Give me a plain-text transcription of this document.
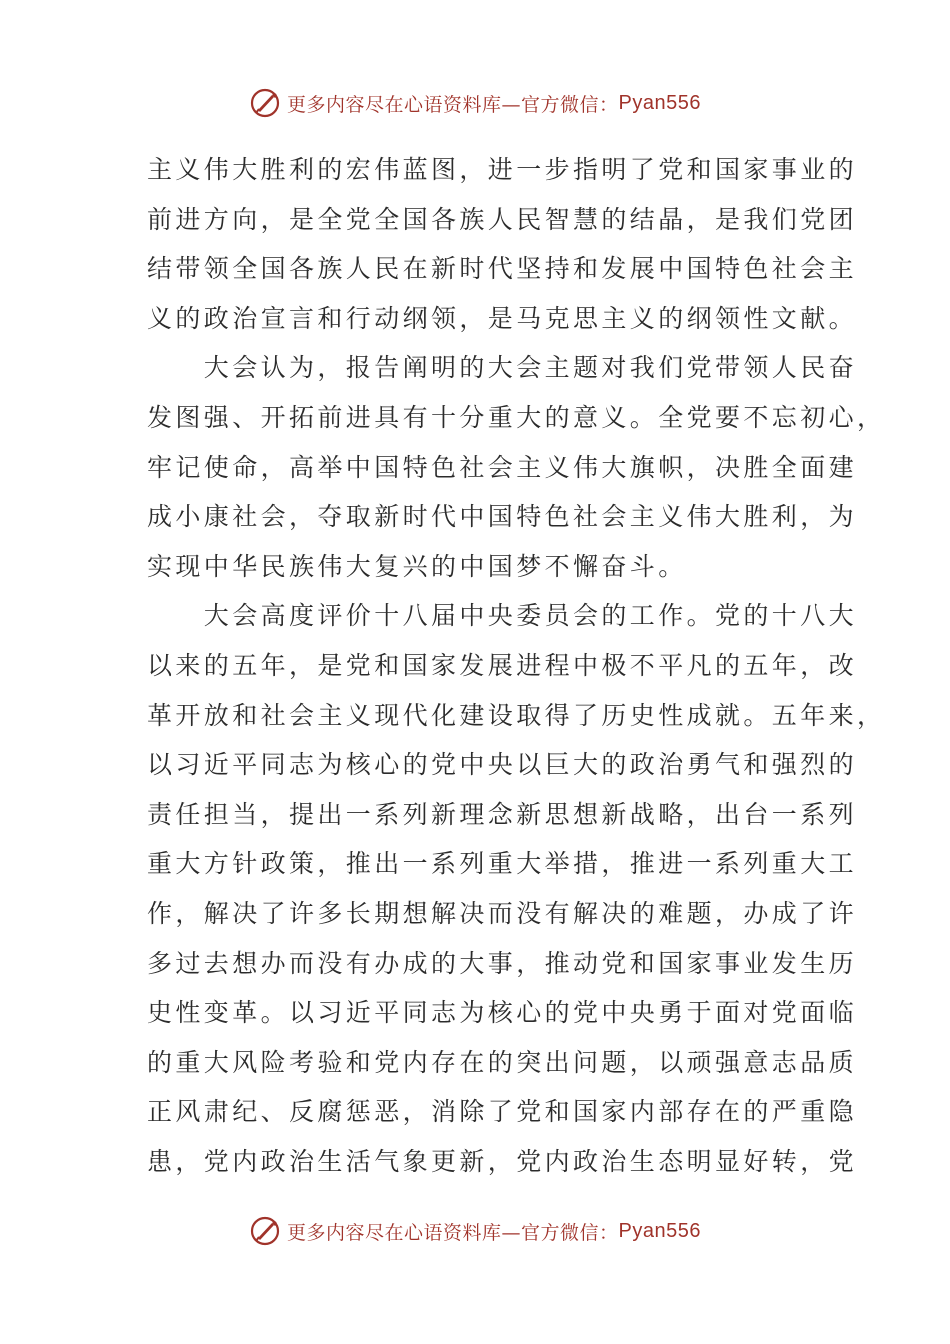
更多内容尽在心语资料库—官方微信： Pyan556
主义伟大胜利的宏伟蓝图，进一步指明了党和国家事业的
前进方向，是全党全国各族人民智慧的结晶，是我们党团
结带领全国各族人民在新时代坚持和发展中国特色社会主
义的政治宣言和行动纲领，是马克思主义的纲领性文献。
　　大会认为，报告阐明的大会主题对我们党带领人民奋
发图强、开拓前进具有十分重大的意义。全党要不忘初心，
牢记使命，高举中国特色社会主义伟大旗帜，决胜全面建
成小康社会，夺取新时代中国特色社会主义伟大胜利，为
实现中华民族伟大复兴的中国梦不懈奋斗。
　　大会高度评价十八届中央委员会的工作。党的十八大
以来的五年，是党和国家发展进程中极不平凡的五年，改
革开放和社会主义现代化建设取得了历史性成就。五年来，
以习近平同志为核心的党中央以巨大的政治勇气和强烈的
责任担当，提出一系列新理念新思想新战略，出台一系列
重大方针政策，推出一系列重大举措，推进一系列重大工
作，解决了许多长期想解决而没有解决的难题，办成了许
多过去想办而没有办成的大事，推动党和国家事业发生历
史性变革。以习近平同志为核心的党中央勇于面对党面临
的重大风险考验和党内存在的突出问题，以顽强意志品质
正风肃纪、反腐惩恶，消除了党和国家内部存在的严重隐
患，党内政治生活气象更新，党内政治生态明显好转，党
更多内容尽在心语资料库—官方微信： Pyan556
